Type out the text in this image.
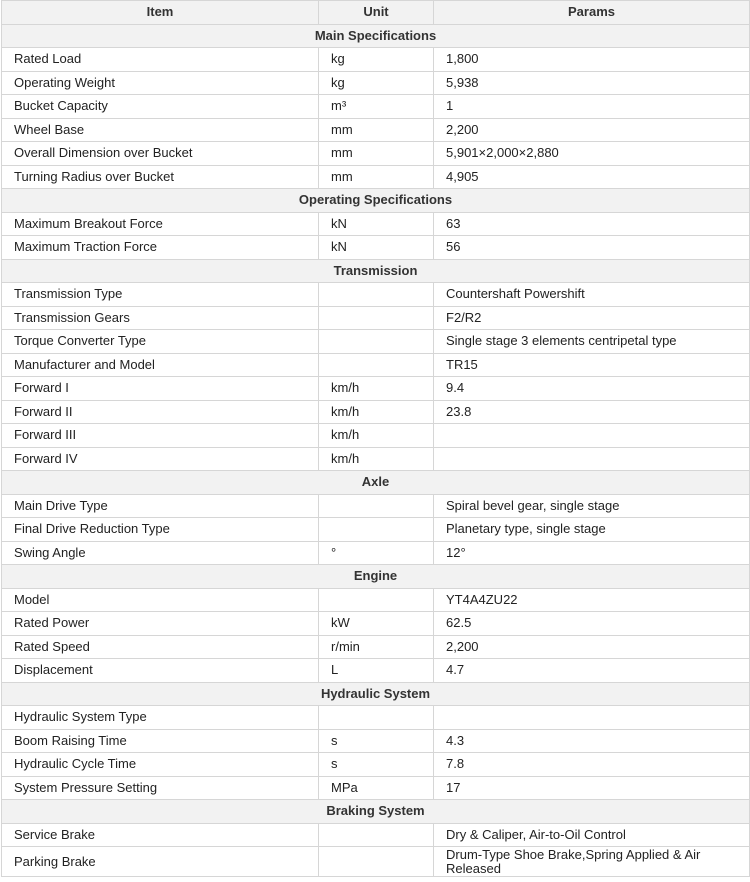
Item	Unit	Params
Main Specifications		
Rated Load	kg	1,800
Operating Weight	kg	5,938
Bucket Capacity	m³	1
Wheel Base	mm	2,200
Overall Dimension over Bucket	mm	5,901×2,000×2,880
Turning Radius over Bucket	mm	4,905
Operating Specifications		
Maximum Breakout Force	kN	63
Maximum Traction Force	kN	56
Transmission		
Transmission Type		Countershaft Powershift
Transmission Gears		F2/R2
Torque Converter Type		Single stage 3 elements centripetal type
Manufacturer and Model		TR15
Forward I	km/h	9.4
Forward II	km/h	23.8
Forward III	km/h	
Forward IV	km/h	
Axle		
Main Drive Type		Spiral bevel gear, single stage
Final Drive Reduction Type		Planetary type, single stage
Swing Angle	°	12°
Engine		
Model		YT4A4ZU22
Rated Power	kW	62.5
Rated Speed	r/min	2,200
Displacement	L	4.7
Hydraulic System		
Hydraulic System Type		
Boom Raising Time	s	4.3
Hydraulic Cycle Time	s	7.8
System Pressure Setting	MPa	17
Braking System		
Service Brake		Dry & Caliper, Air-to-Oil Control
Parking Brake		Drum-Type Shoe Brake,Spring Applied & Air Released
